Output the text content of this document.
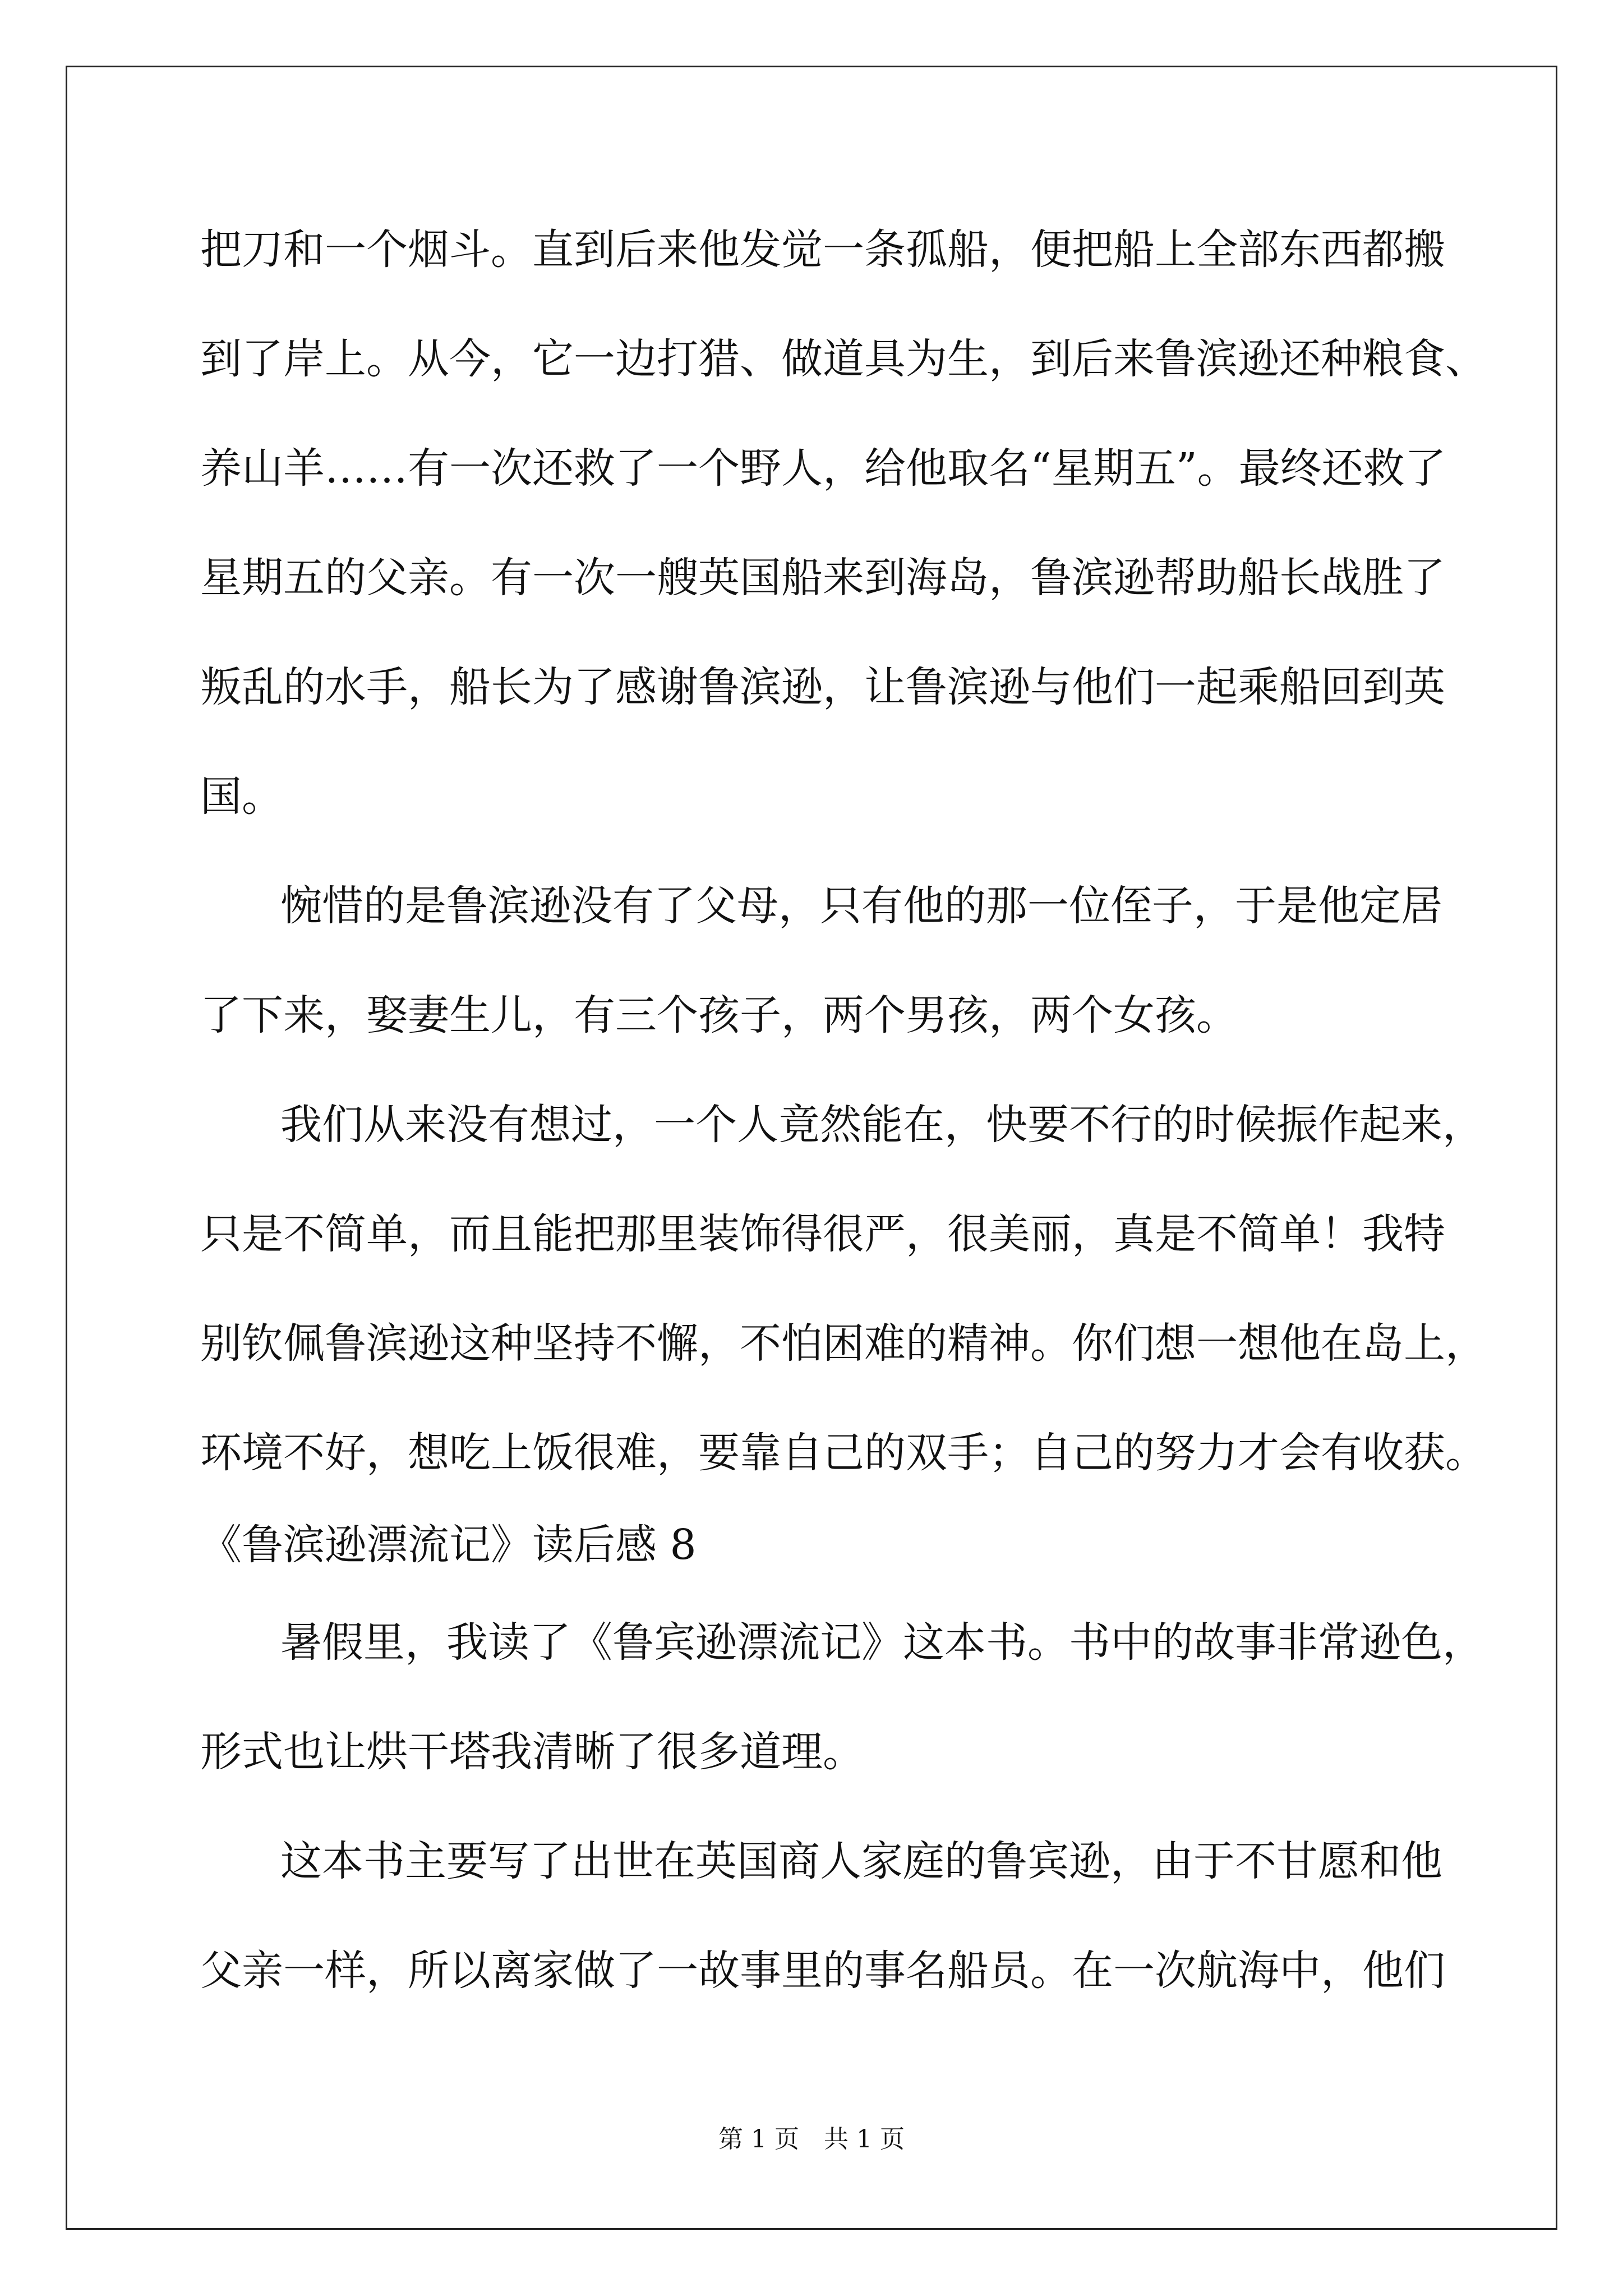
把刀和一个烟斗。直到后来他发觉一条孤船，便把船上全部东西都搬
到了岸上。从今，它一边打猎、做道具为生，到后来鲁滨逊还种粮食、
养山羊……有一次还救了一个野人，给他取名“星期五”。最终还救了
星期五的父亲。有一次一艘英国船来到海岛，鲁滨逊帮助船长战胜了
叛乱的水手，船长为了感谢鲁滨逊，让鲁滨逊与他们一起乘船回到英
国。
惋惜的是鲁滨逊没有了父母，只有他的那一位侄子，于是他定居
了下来，娶妻生儿，有三个孩子，两个男孩，两个女孩。
我们从来没有想过，一个人竟然能在，快要不行的时候振作起来，
只是不简单，而且能把那里装饰得很严，很美丽，真是不简单！我特
别钦佩鲁滨逊这种坚持不懈，不怕困难的精神。你们想一想他在岛上，
环境不好，想吃上饭很难，要靠自己的双手；自己的努力才会有收获。
《鲁滨逊漂流记》读后感 8
暑假里，我读了《鲁宾逊漂流记》这本书。书中的故事非常逊色，
形式也让烘干塔我清晰了很多道理。
这本书主要写了出世在英国商人家庭的鲁宾逊，由于不甘愿和他
父亲一样，所以离家做了一故事里的事名船员。在一次航海中，他们
第 1 页　共 1 页
